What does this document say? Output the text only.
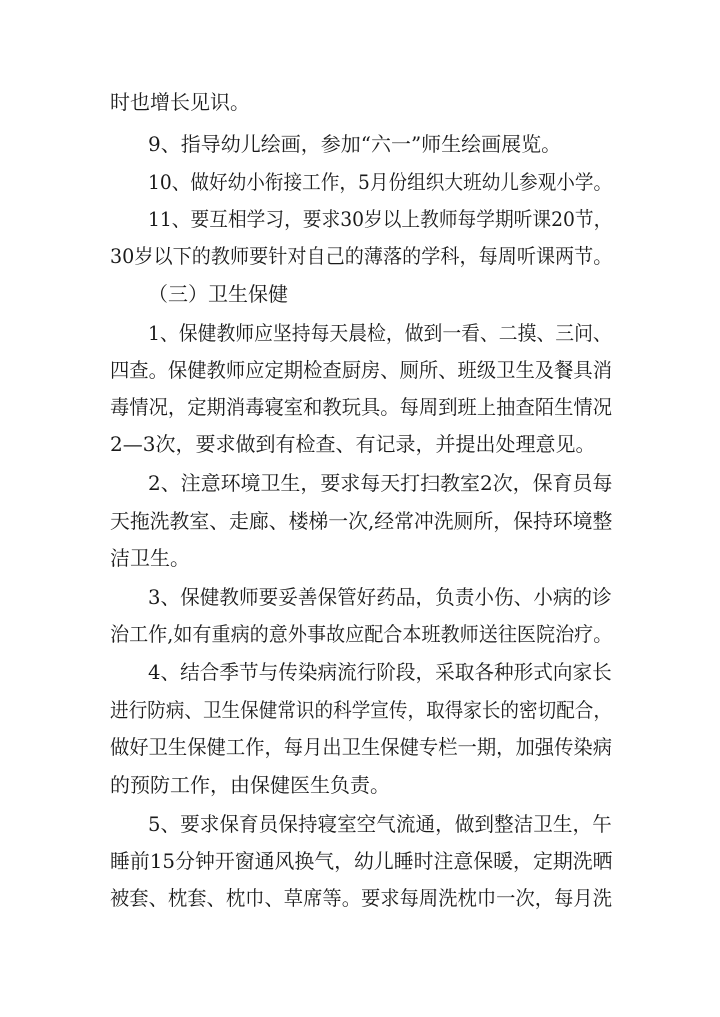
时也增长见识。
9、指导幼儿绘画，参加“六一”师生绘画展览。
10、做好幼小衔接工作，5月份组织大班幼儿参观小学。
11、要互相学习，要求30岁以上教师每学期听课20节，
30岁以下的教师要针对自己的薄落的学科，每周听课两节。
（三）卫生保健
1、保健教师应坚持每天晨检，做到一看、二摸、三问、
四查。保健教师应定期检查厨房、厕所、班级卫生及餐具消
毒情况，定期消毒寝室和教玩具。每周到班上抽查陌生情况
2—3次，要求做到有检查、有记录，并提出处理意见。
2、注意环境卫生，要求每天打扫教室2次，保育员每
天拖洗教室、走廊、楼梯一次,经常冲洗厕所，保持环境整
洁卫生。
3、保健教师要妥善保管好药品，负责小伤、小病的诊
治工作,如有重病的意外事故应配合本班教师送往医院治疗。
4、结合季节与传染病流行阶段，采取各种形式向家长
进行防病、卫生保健常识的科学宣传，取得家长的密切配合，
做好卫生保健工作，每月出卫生保健专栏一期，加强传染病
的预防工作，由保健医生负责。
5、要求保育员保持寝室空气流通，做到整洁卫生，午
睡前15分钟开窗通风换气，幼儿睡时注意保暖，定期洗晒
被套、枕套、枕巾、草席等。要求每周洗枕巾一次，每月洗
